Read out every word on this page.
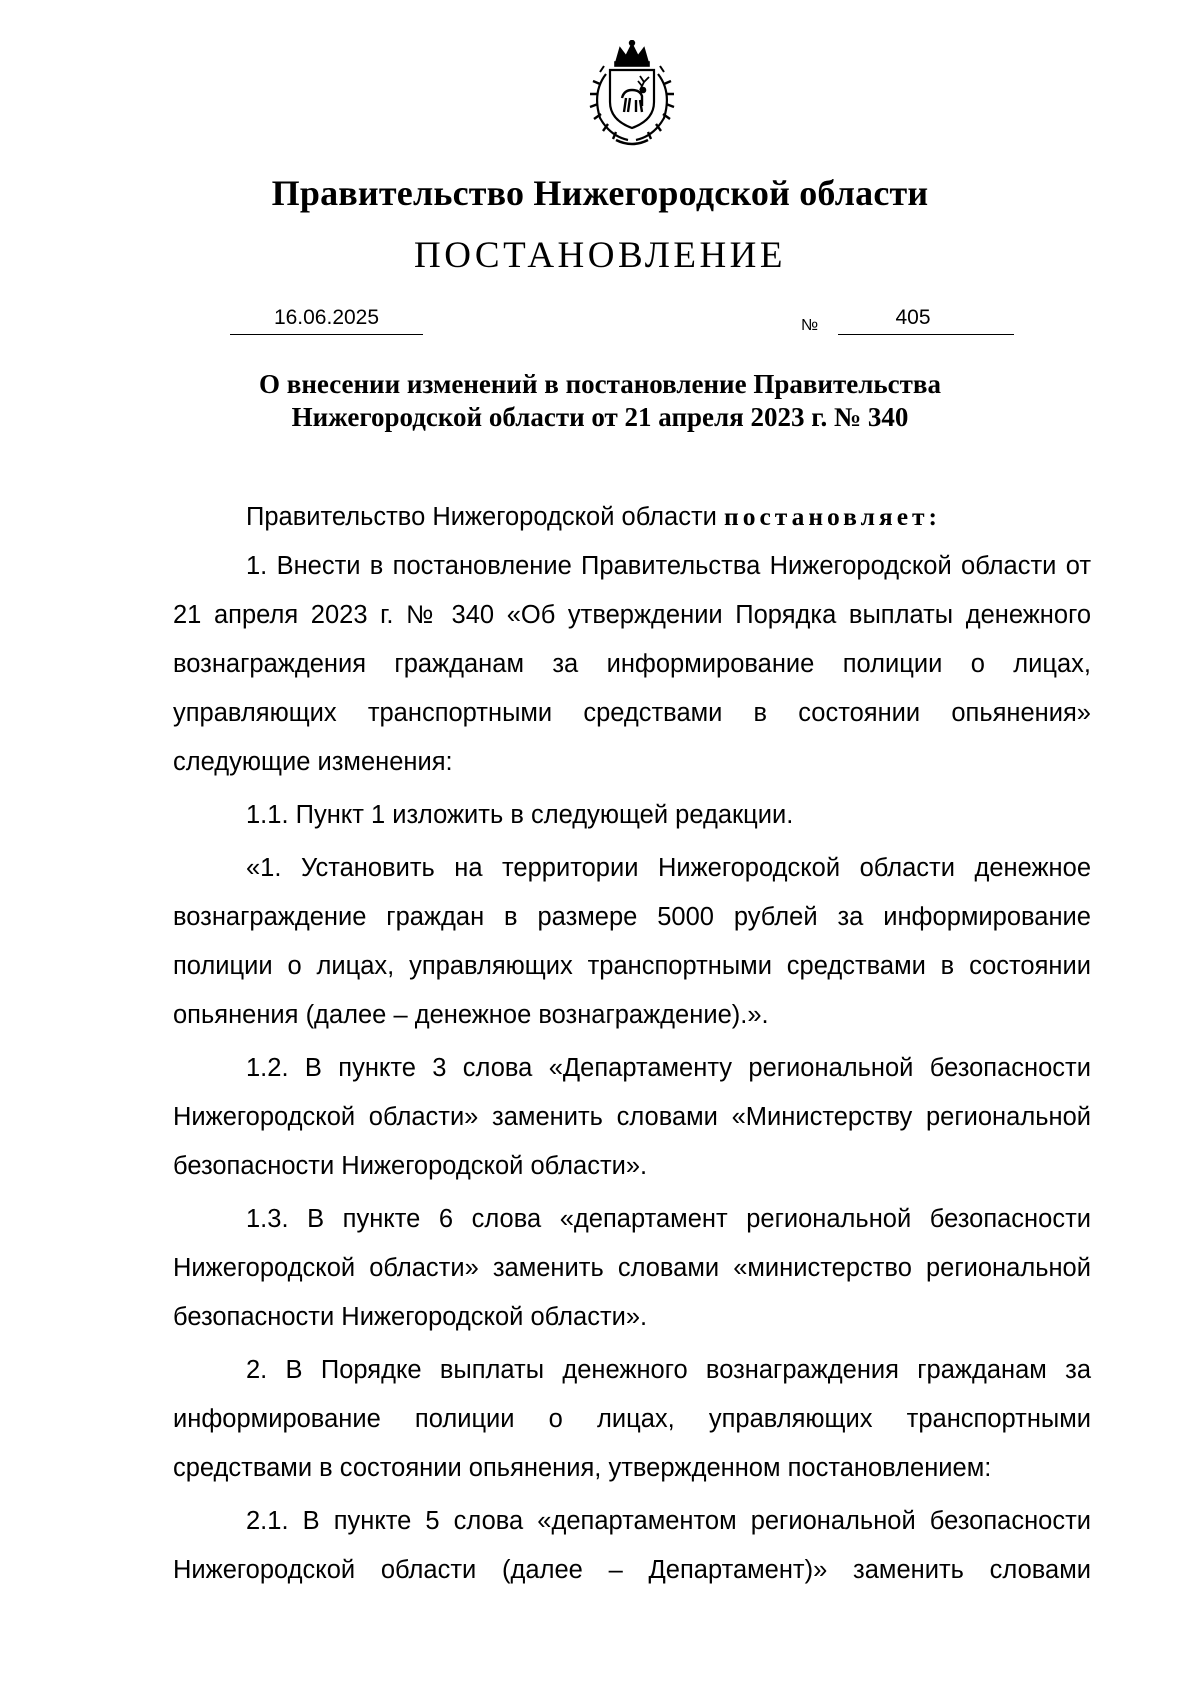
Правительство Нижегородской области
ПОСТАНОВЛЕНИЕ
16.06.2025	№	405
О внесении изменений в постановление Правительства
Нижегородской области от 21 апреля 2023 г. № 340

Правительство Нижегородской области постановляет:

1. Внести в постановление Правительства Нижегородской области от 21 апреля 2023 г. № 340 «Об утверждении Порядка выплаты денежного вознаграждения гражданам за информирование полиции о лицах, управляющих транспортными средствами в состоянии опьянения» следующие изменения:

1.1. Пункт 1 изложить в следующей редакции.

«1. Установить на территории Нижегородской области денежное вознаграждение граждан в размере 5000 рублей за информирование полиции о лицах, управляющих транспортными средствами в состоянии опьянения (далее – денежное вознаграждение).».

1.2. В пункте 3 слова «Департаменту региональной безопасности Нижегородской области» заменить словами «Министерству региональной безопасности Нижегородской области».

1.3. В пункте 6 слова «департамент региональной безопасности Нижегородской области» заменить словами «министерство региональной безопасности Нижегородской области».

2. В Порядке выплаты денежного вознаграждения гражданам за информирование полиции о лицах, управляющих транспортными средствами в состоянии опьянения, утвержденном постановлением:

2.1. В пункте 5 слова «департаментом региональной безопасности Нижегородской области (далее – Департамент)» заменить словами
